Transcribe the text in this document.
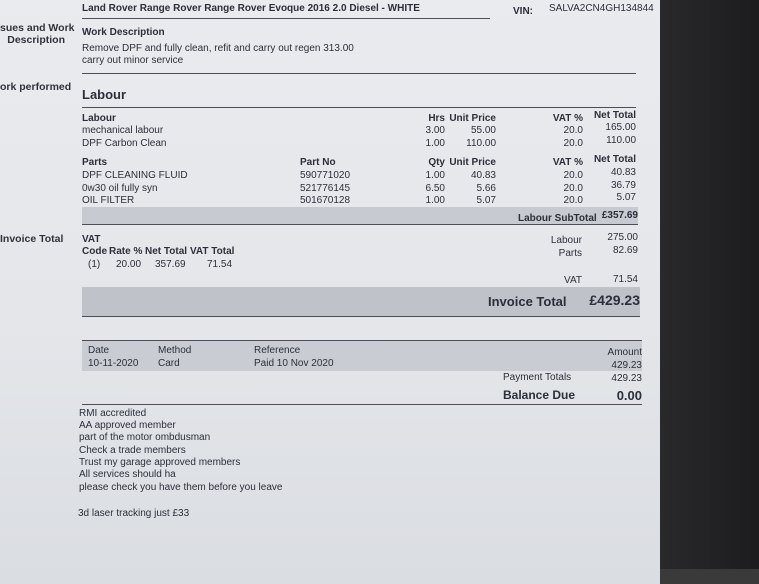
Land Rover Range Rover Range Rover Evoque 2016 2.0 Diesel - WHITE	VIN: SALVA2CN4GH134844
sues and Work
Description
ork performed
Invoice Total
Work Description
Remove DPF and fully clean, refit and carry out regen 313.00
carry out minor service
Labour
Labour	Hrs Unit Price	VAT %	Net Total
mechanical labour	3.00	55.00	20.0	165.00
DPF Carbon Clean	1.00	110.00	20.0	110.00
Parts	Part No	Qty Unit Price	VAT %	Net Total
DPF CLEANING FLUID	590771020	1.00	40.83	20.0	40.83
0w30 oil fully syn	521776145	6.50	5.66	20.0	36.79
OIL FILTER	501670128	1.00	5.07	20.0	5.07
Labour SubTotal £357.69
VAT
Code Rate % Net Total VAT Total
(1) 20.00 357.69 71.54
Labour	275.00
Parts	82.69
VAT	71.54
Invoice Total	£429.23
Date	Method	Reference	Amount
10-11-2020 Card	Paid 10 Nov 2020	429.23
Payment Totals	429.23
Balance Due	0.00
RMI accredited
AA approved member
part of the motor ombdusman
Check a trade members
Trust my garage approved members
All services should ha
please check you have them before you leave
3d laser tracking just £33
